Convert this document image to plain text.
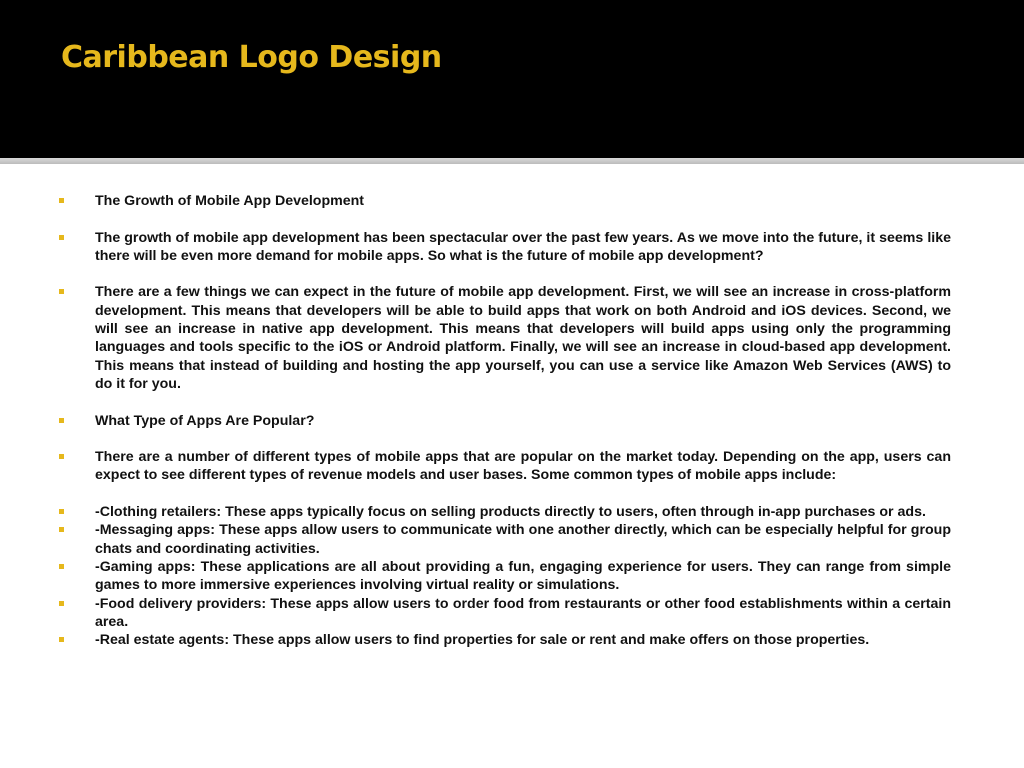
Caribbean Logo Design
The Growth of Mobile App Development
The growth of mobile app development has been spectacular over the past few years. As we move into the future, it seems like there will be even more demand for mobile apps. So what is the future of mobile app development?
There are a few things we can expect in the future of mobile app development. First, we will see an increase in cross-platform development. This means that developers will be able to build apps that work on both Android and iOS devices. Second, we will see an increase in native app development. This means that developers will build apps using only the programming languages and tools specific to the iOS or Android platform. Finally, we will see an increase in cloud-based app development. This means that instead of building and hosting the app yourself, you can use a service like Amazon Web Services (AWS) to do it for you.
What Type of Apps Are Popular?
There are a number of different types of mobile apps that are popular on the market today. Depending on the app, users can expect to see different types of revenue models and user bases. Some common types of mobile apps include:
-Clothing retailers: These apps typically focus on selling products directly to users, often through in-app purchases or ads.
-Messaging apps: These apps allow users to communicate with one another directly, which can be especially helpful for group chats and coordinating activities.
-Gaming apps: These applications are all about providing a fun, engaging experience for users. They can range from simple games to more immersive experiences involving virtual reality or simulations.
-Food delivery providers: These apps allow users to order food from restaurants or other food establishments within a certain area.
-Real estate agents: These apps allow users to find properties for sale or rent and make offers on those properties.
